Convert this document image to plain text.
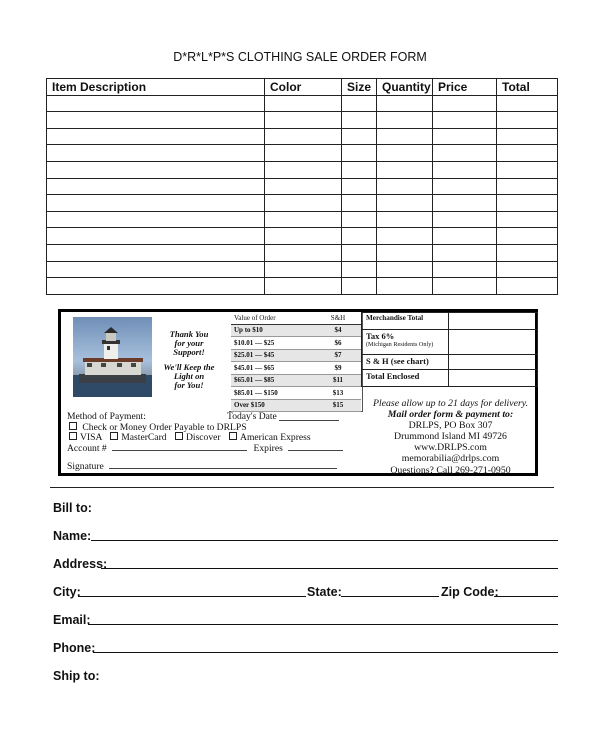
D*R*L*P*S CLOTHING SALE ORDER FORM
Item Description	Color	Size	Quantity	Price	Total

Thank You
for your
Support!
We'll Keep the
Light on
for You!
Value of Order	S&H
Up to $10	$4
$10.01 — $25	$6
$25.01 — $45	$7
$45.01 — $65	$9
$65.01 — $85	$11
$85.01 — $150	$13
Over $150	$15
Merchandise Total	
Tax 6%
(Michigan Residents Only)	

S & H (see chart)	
Total Enclosed	
Please allow up to 21 days for delivery.
Mail order form & payment to:
DRLPS, PO Box 307
Drummond Island MI 49726
www.DRLPS.com
memorabilia@drlps.com
Questions? Call 269-271-0950
Method of Payment:	Today's Date
Check or Money Order Payable to DRLPS
VISA MasterCard Discover American Express
Account #	Expires
Signature
Bill to:
Name:
Address:
City:	State:	Zip Code:
Email:
Phone:
Ship to:
